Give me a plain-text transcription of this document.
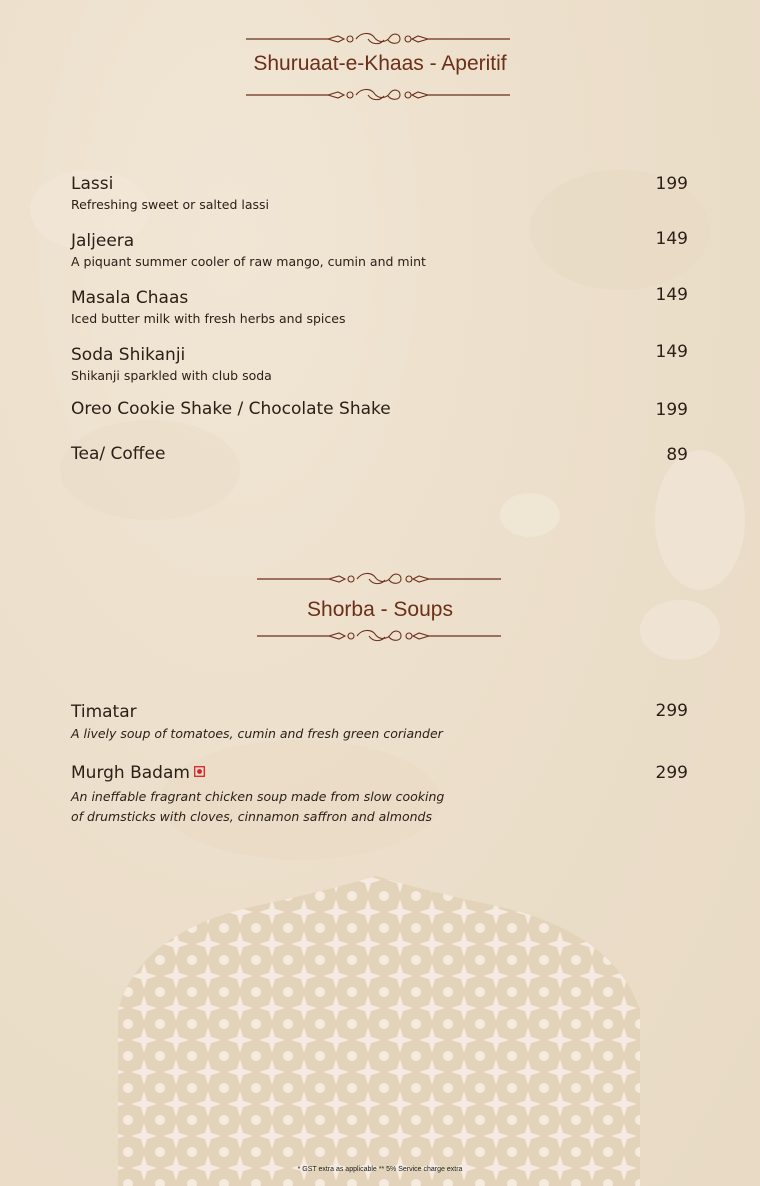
Shuruaat-e-Khaas - Aperitif
Lassi
Refreshing sweet or salted lassi
199
Jaljeera
A piquant summer cooler of raw mango, cumin and mint
149
Masala Chaas
Iced butter milk with fresh herbs and spices
149
Soda Shikanji
Shikanji sparkled with club soda
149
Oreo Cookie Shake / Chocolate Shake	199
Tea/ Coffee	89
Shorba - Soups
Timatar
A lively soup of tomatoes, cumin and fresh green coriander
299
Murgh Badam
An ineffable fragrant chicken soup made from slow cooking
of drumsticks with cloves, cinnamon saffron and almonds
299
* GST extra as applicable ** 5% Service charge extra
